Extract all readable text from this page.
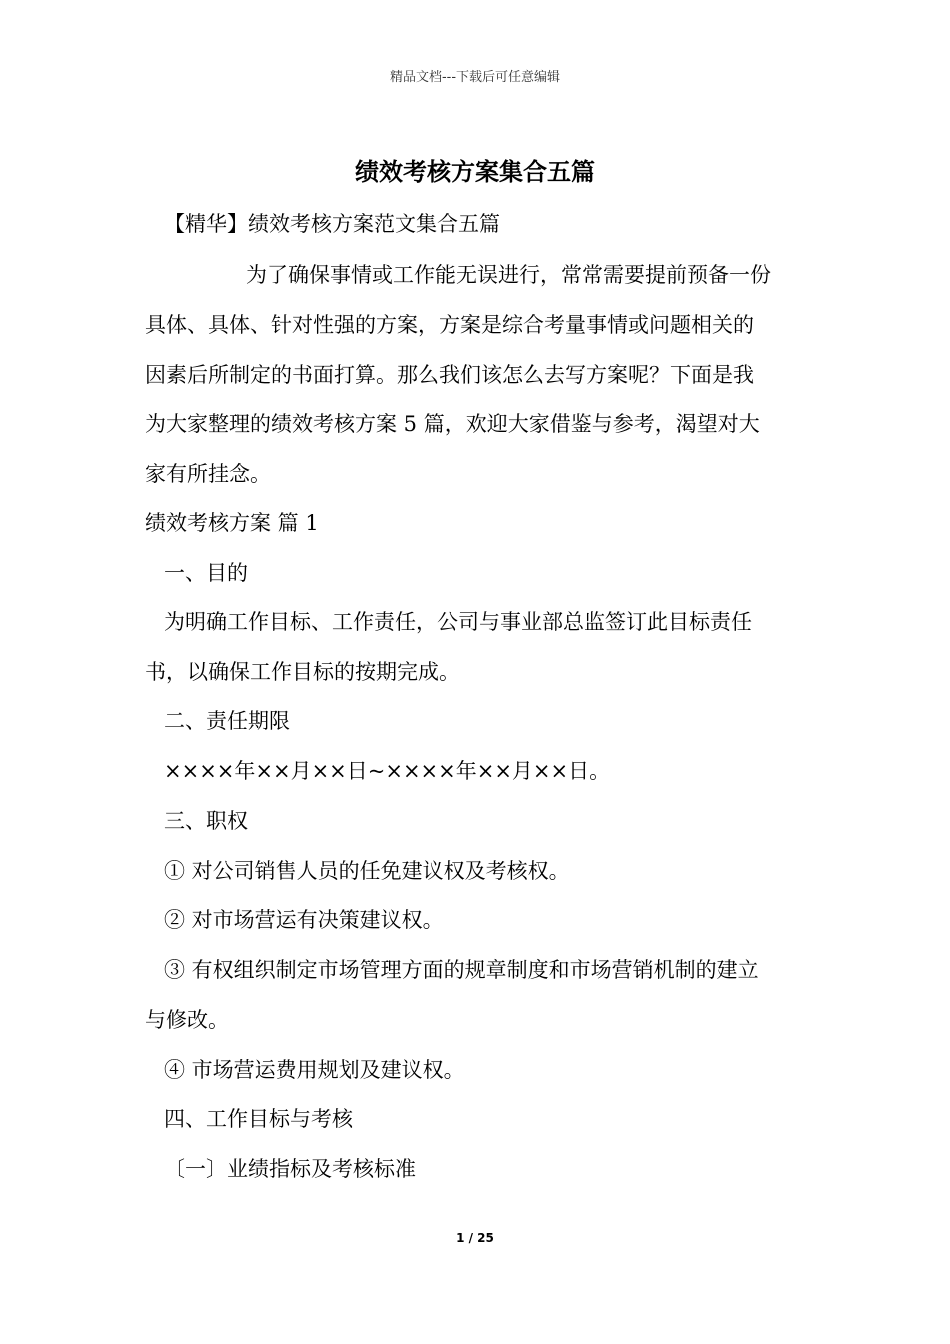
精品文档---下载后可任意编辑
绩效考核方案集合五篇
【精华】绩效考核方案范文集合五篇
为了确保事情或工作能无误进行，常常需要提前预备一份
具体、具体、针对性强的方案，方案是综合考量事情或问题相关的
因素后所制定的书面打算。那么我们该怎么去写方案呢？下面是我
为大家整理的绩效考核方案 5 篇，欢迎大家借鉴与参考，渴望对大
家有所挂念。
绩效考核方案 篇 1
一、目的
为明确工作目标、工作责任，公司与事业部总监签订此目标责任
书，以确保工作目标的按期完成。
二、责任期限
××××年××月××日~××××年××月××日。
三、职权
① 对公司销售人员的任免建议权及考核权。
② 对市场营运有决策建议权。
③ 有权组织制定市场管理方面的规章制度和市场营销机制的建立
与修改。
④ 市场营运费用规划及建议权。
四、工作目标与考核
〔一〕业绩指标及考核标准
1 / 25
